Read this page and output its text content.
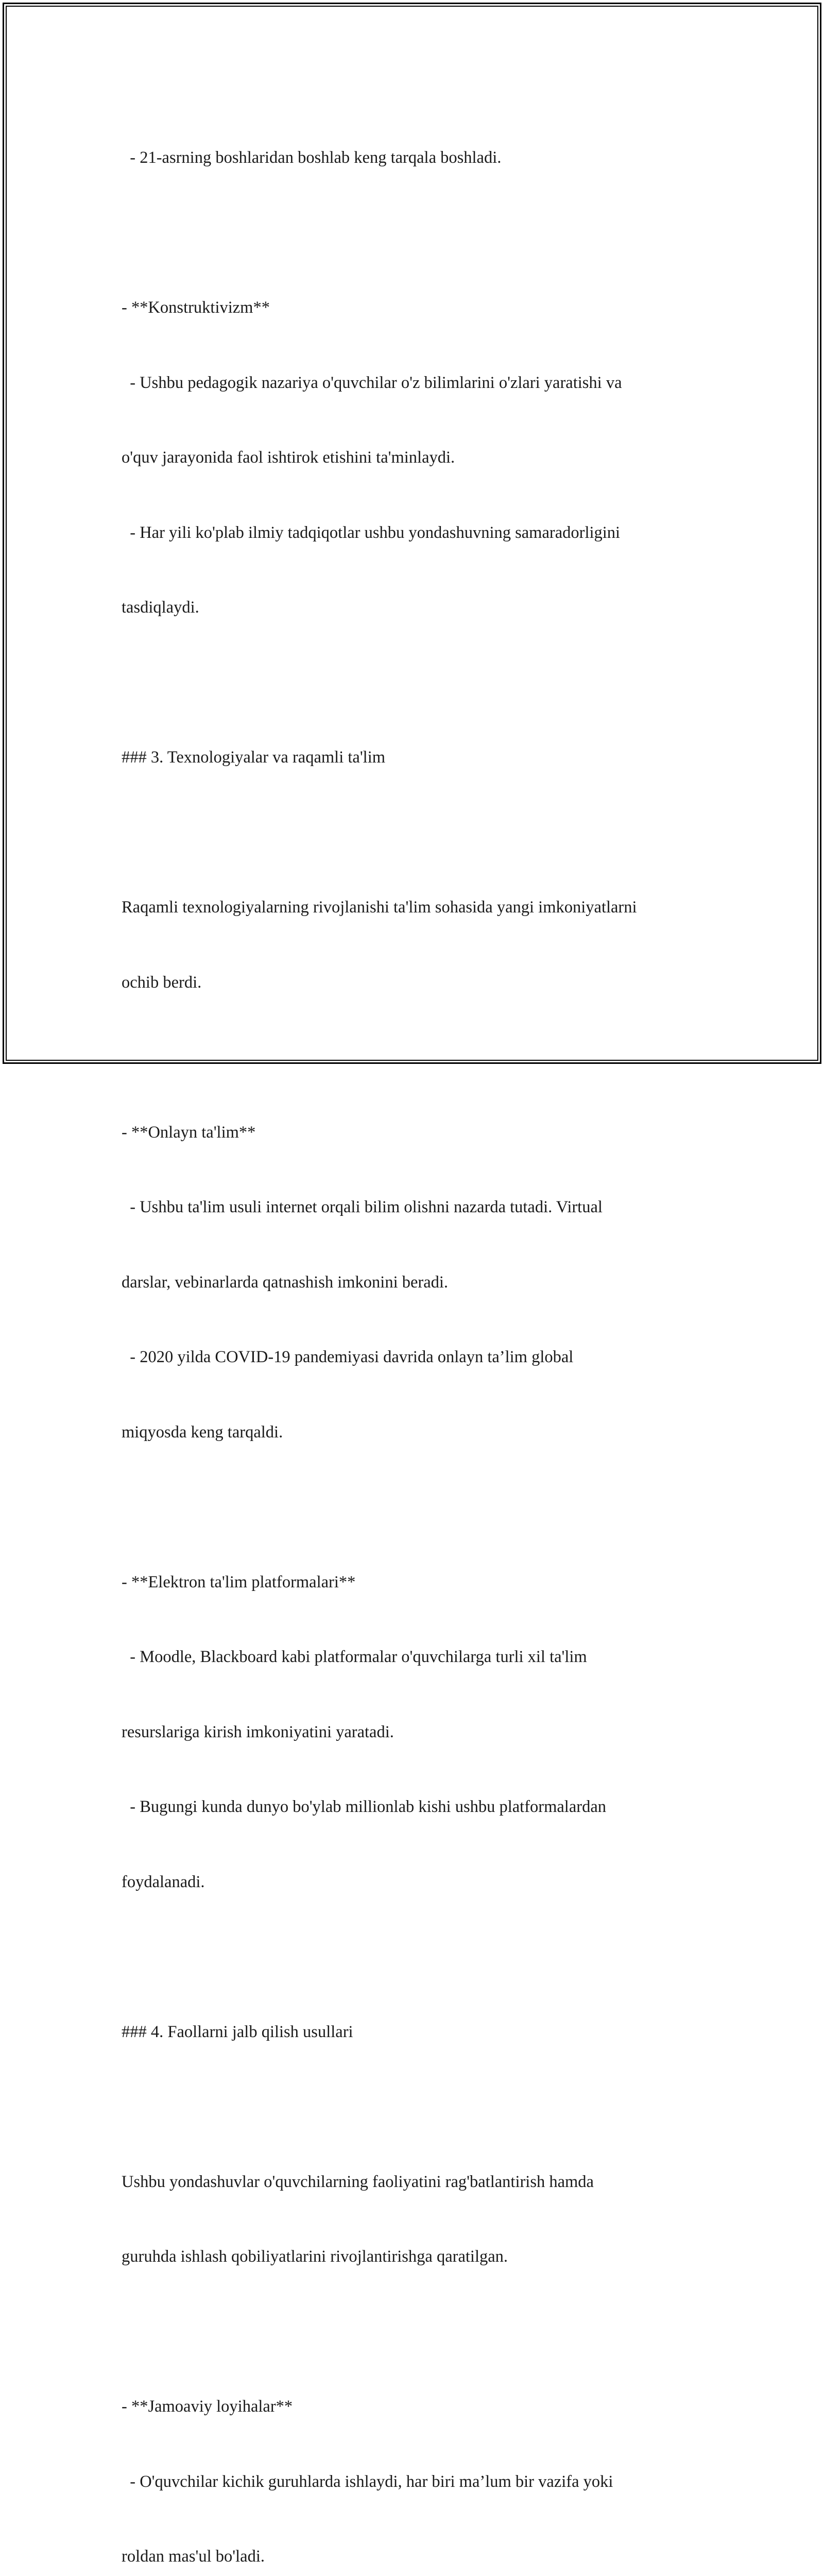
- 21-asrning boshlaridan boshlab keng tarqala boshladi.

- **Konstruktivizm**

- Ushbu pedagogik nazariya o'quvchilar o'z bilimlarini o'zlari yaratishi va

o'quv jarayonida faol ishtirok etishini ta'minlaydi.

- Har yili ko'plab ilmiy tadqiqotlar ushbu yondashuvning samaradorligini

tasdiqlaydi.

### 3. Texnologiyalar va raqamli ta'lim

Raqamli texnologiyalarning rivojlanishi ta'lim sohasida yangi imkoniyatlarni

ochib berdi.

- **Onlayn ta'lim**

- Ushbu ta'lim usuli internet orqali bilim olishni nazarda tutadi. Virtual

darslar, vebinarlarda qatnashish imkonini beradi.

- 2020 yilda COVID-19 pandemiyasi davrida onlayn ta’lim global

miqyosda keng tarqaldi.

- **Elektron ta'lim platformalari**

- Moodle, Blackboard kabi platformalar o'quvchilarga turli xil ta'lim

resurslariga kirish imkoniyatini yaratadi.

- Bugungi kunda dunyo bo'ylab millionlab kishi ushbu platformalardan

foydalanadi.

### 4. Faollarni jalb qilish usullari

Ushbu yondashuvlar o'quvchilarning faoliyatini rag'batlantirish hamda

guruhda ishlash qobiliyatlarini rivojlantirishga qaratilgan.

- **Jamoaviy loyihalar**

- O'quvchilar kichik guruhlarda ishlaydi, har biri ma’lum bir vazifa yoki

roldan mas'ul bo'ladi.
